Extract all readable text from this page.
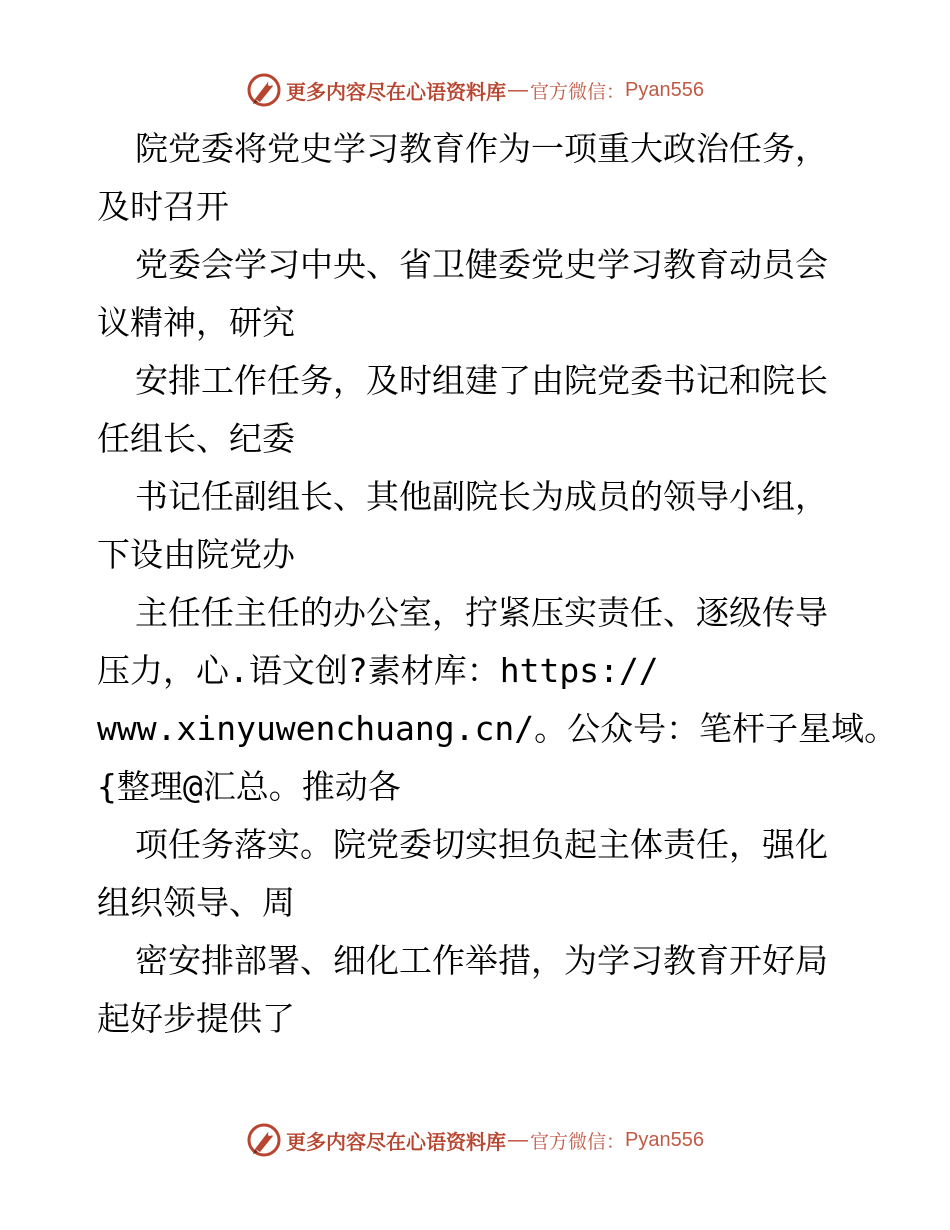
更多内容尽在心语资料库 — 官方微信： Pyan556
院党委将党史学习教育作为一项重大政治任务，
及时召开
党委会学习中央、省卫健委党史学习教育动员会
议精神，研究
安排工作任务，及时组建了由院党委书记和院长
任组长、纪委
书记任副组长、其他副院长为成员的领导小组，
下设由院党办
主任任主任的办公室，拧紧压实责任、逐级传导
压力，心.语文创?素材库：https://
www.xinyuwenchuang.cn/。公众号：笔杆子星域。
{整理@汇总。推动各
项任务落实。院党委切实担负起主体责任，强化
组织领导、周
密安排部署、细化工作举措，为学习教育开好局
起好步提供了
更多内容尽在心语资料库 — 官方微信： Pyan556
